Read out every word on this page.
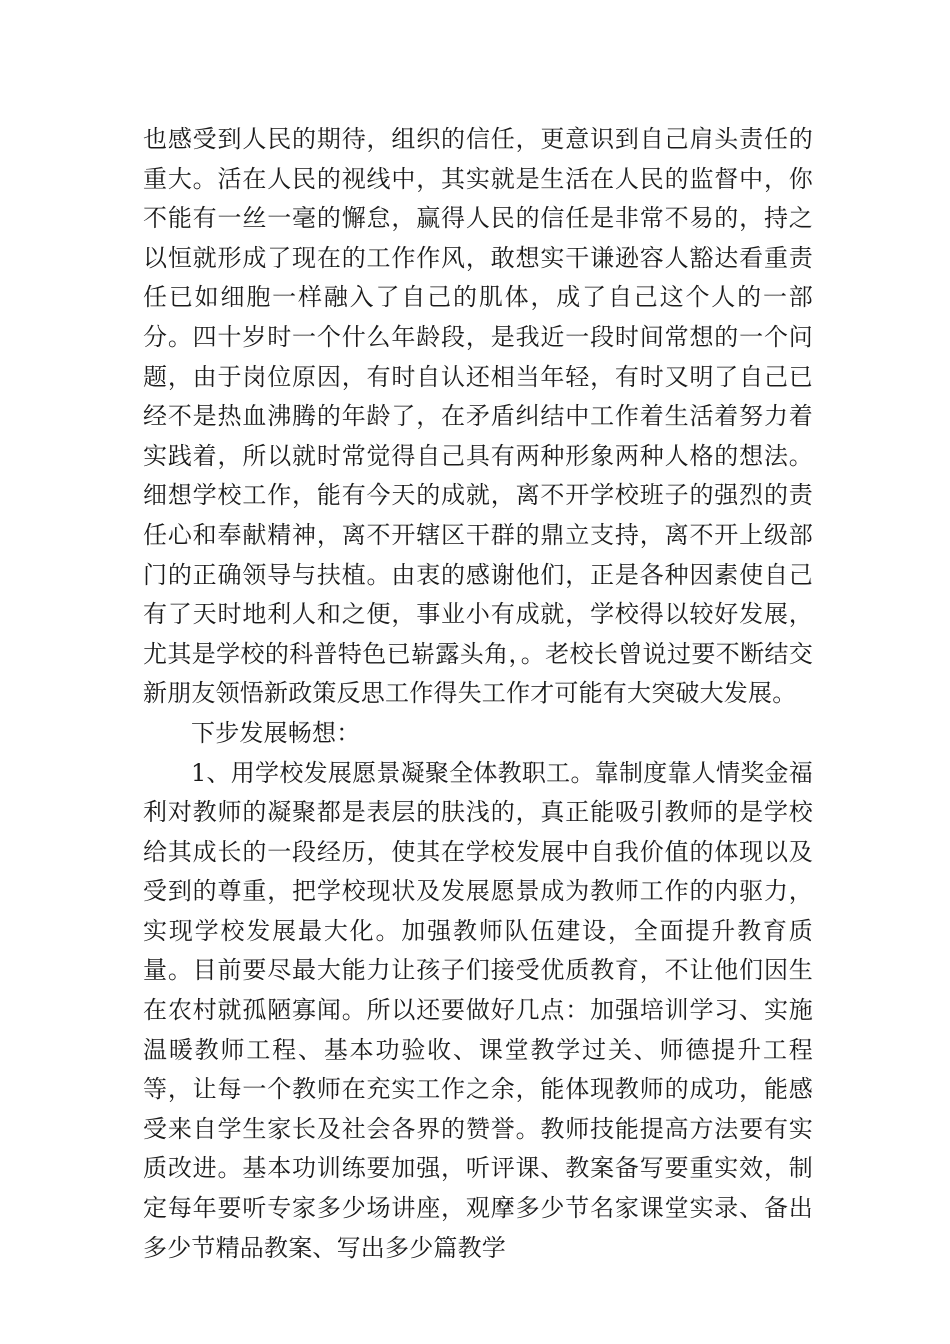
也感受到人民的期待，组织的信任，更意识到自己肩头责任的重大。活在人民的视线中，其实就是生活在人民的监督中，你不能有一丝一毫的懈怠，赢得人民的信任是非常不易的，持之以恒就形成了现在的工作作风，敢想实干谦逊容人豁达看重责任已如细胞一样融入了自己的肌体，成了自己这个人的一部分。四十岁时一个什么年龄段，是我近一段时间常想的一个问题，由于岗位原因，有时自认还相当年轻，有时又明了自己已经不是热血沸腾的年龄了，在矛盾纠结中工作着生活着努力着实践着，所以就时常觉得自己具有两种形象两种人格的想法。细想学校工作，能有今天的成就，离不开学校班子的强烈的责任心和奉献精神，离不开辖区干群的鼎立支持，离不开上级部门的正确领导与扶植。由衷的感谢他们，正是各种因素使自己有了天时地利人和之便，事业小有成就，学校得以较好发展，尤其是学校的科普特色已崭露头角，。老校长曾说过要不断结交新朋友领悟新政策反思工作得失工作才可能有大突破大发展。

下步发展畅想：

1、用学校发展愿景凝聚全体教职工。靠制度靠人情奖金福利对教师的凝聚都是表层的肤浅的，真正能吸引教师的是学校给其成长的一段经历，使其在学校发展中自我价值的体现以及受到的尊重，把学校现状及发展愿景成为教师工作的内驱力，实现学校发展最大化。加强教师队伍建设，全面提升教育质量。目前要尽最大能力让孩子们接受优质教育，不让他们因生在农村就孤陋寡闻。所以还要做好几点：加强培训学习、实施温暖教师工程、基本功验收、课堂教学过关、师德提升工程等，让每一个教师在充实工作之余，能体现教师的成功，能感受来自学生家长及社会各界的赞誉。教师技能提高方法要有实质改进。基本功训练要加强，听评课、教案备写要重实效，制定每年要听专家多少场讲座，观摩多少节名家课堂实录、备出多少节精品教案、写出多少篇教学
